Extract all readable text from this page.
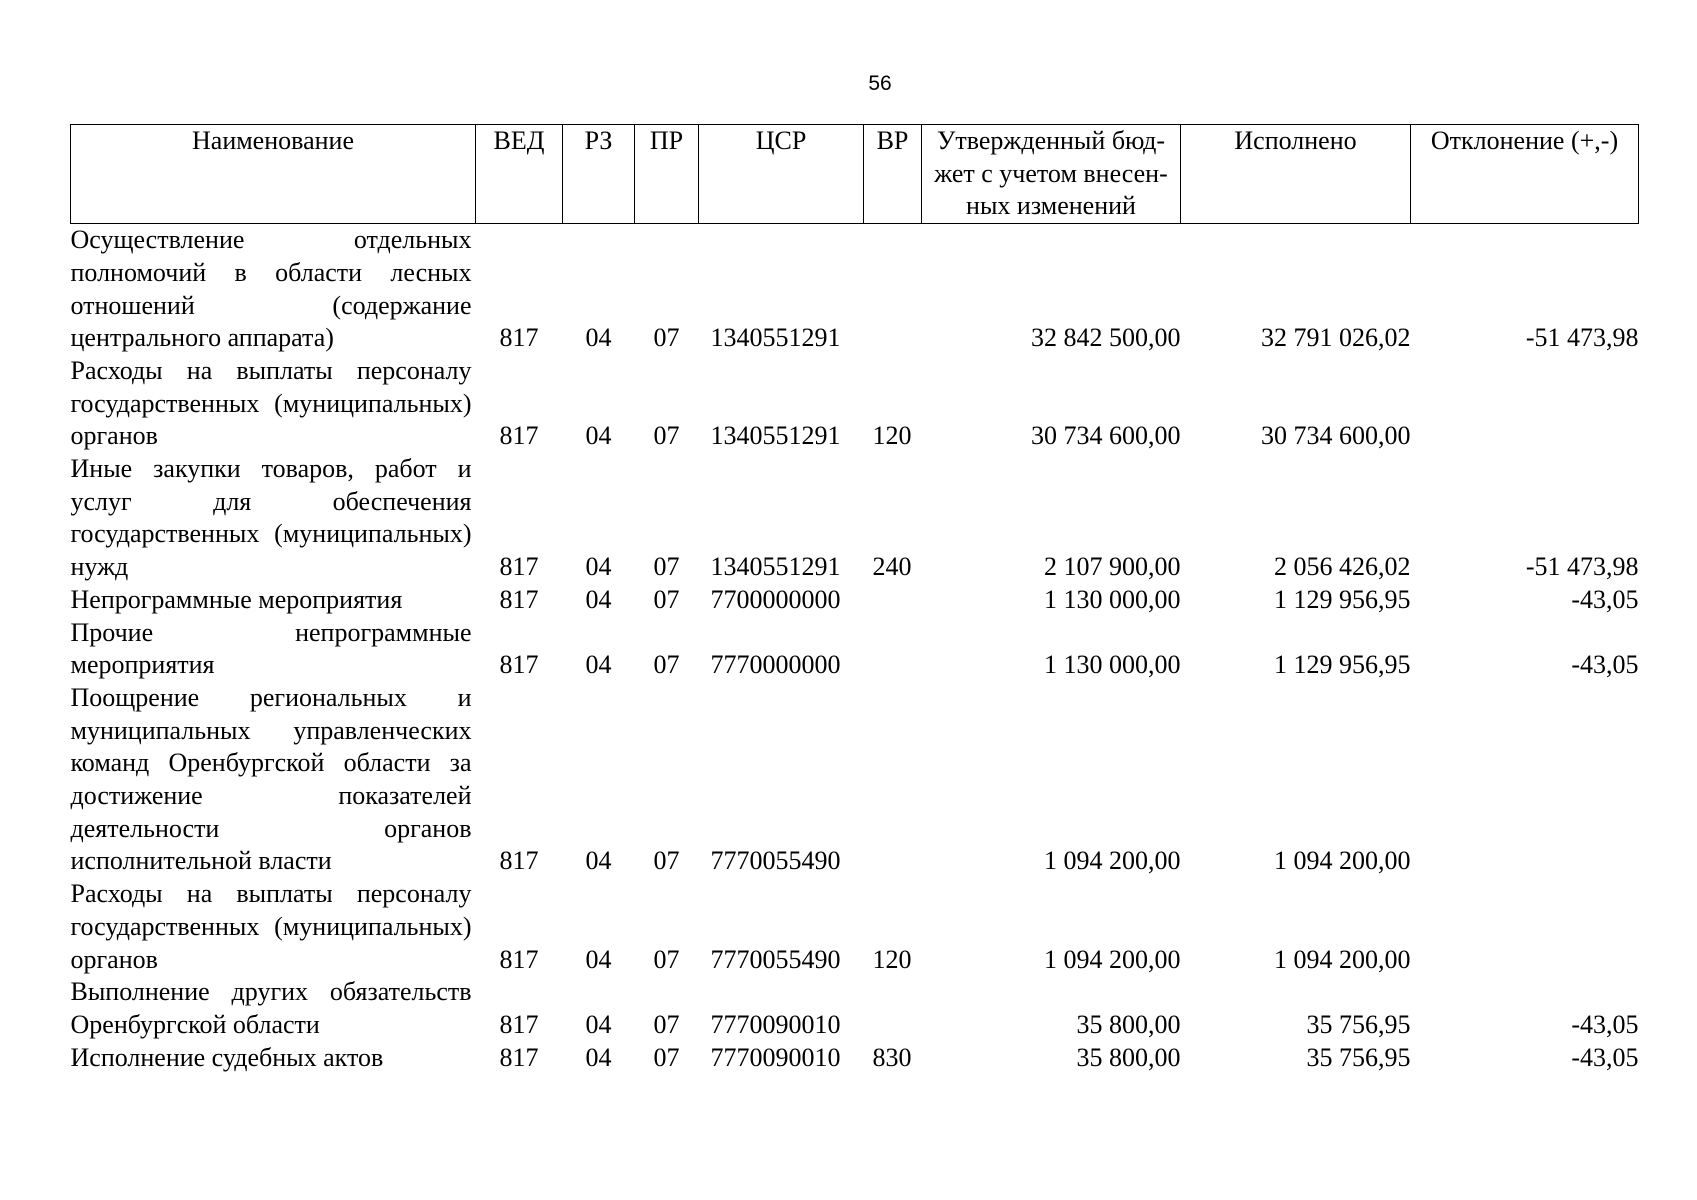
56
Наименование	ВЕД	РЗ	ПР	ЦСР	ВР	Утвержденный бюд-жет с учетом внесен-ных изменений	Исполнено	Отклонение (+,-)
Осуществление отдельных полномочий в области лесных отношений (содержание центрального аппарата)	817	04	07	1340551291		32 842 500,00	32 791 026,02	-51 473,98
Расходы на выплаты персоналу государственных (муниципальных) органов	817	04	07	1340551291	120	30 734 600,00	30 734 600,00	
Иные закупки товаров, работ и услуг для обеспечения государственных (муниципальных) нужд	817	04	07	1340551291	240	2 107 900,00	2 056 426,02	-51 473,98
Непрограммные мероприятия	817	04	07	7700000000		1 130 000,00	1 129 956,95	-43,05
Прочие непрограммные мероприятия	817	04	07	7770000000		1 130 000,00	1 129 956,95	-43,05
Поощрение региональных и муниципальных управленческих команд Оренбургской области за достижение показателей деятельности органов исполнительной власти	817	04	07	7770055490		1 094 200,00	1 094 200,00	
Расходы на выплаты персоналу государственных (муниципальных) органов	817	04	07	7770055490	120	1 094 200,00	1 094 200,00	
Выполнение других обязательств Оренбургской области	817	04	07	7770090010		35 800,00	35 756,95	-43,05
Исполнение судебных актов	817	04	07	7770090010	830	35 800,00	35 756,95	-43,05
